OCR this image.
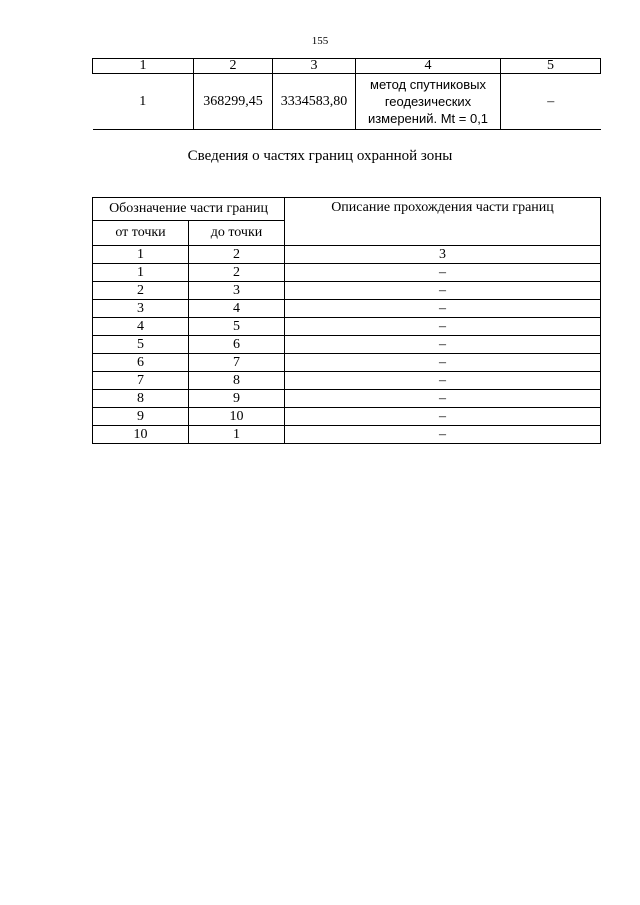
155
1	2	3	4	5
1	368299,45	3334583,80	метод спутниковых
геодезических
измерений. Mt = 0,1	–
Сведения о частях границ охранной зоны
Обозначение части границ		Описание прохождения части границ
от точки	до точки	
1	2	3
1	2	–
2	3	–
3	4	–
4	5	–
5	6	–
6	7	–
7	8	–
8	9	–
9	10	–
10	1	–
